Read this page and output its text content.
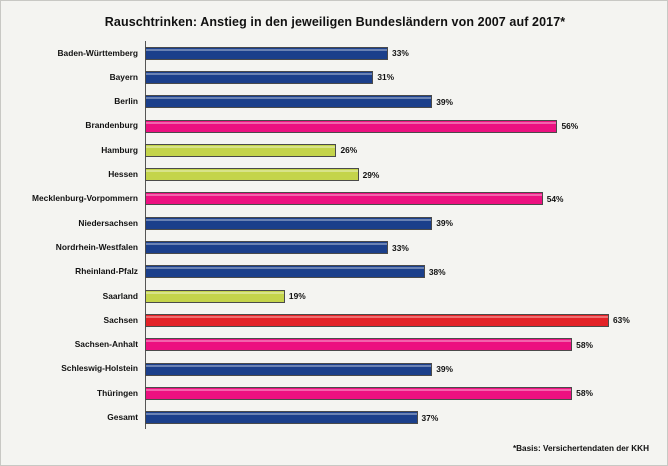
Rauschtrinken: Anstieg in den jeweiligen Bundesländern von 2007 auf 2017*
Baden-Württemberg	33%
Bayern	31%
Berlin	39%
Brandenburg	56%
Hamburg	26%
Hessen	29%
Mecklenburg-Vorpommern	54%
Niedersachsen	39%
Nordrhein-Westfalen	33%
Rheinland-Pfalz	38%
Saarland	19%
Sachsen	63%
Sachsen-Anhalt	58%
Schleswig-Holstein	39%
Thüringen	58%
Gesamt	37%
*Basis: Versichertendaten der KKH
